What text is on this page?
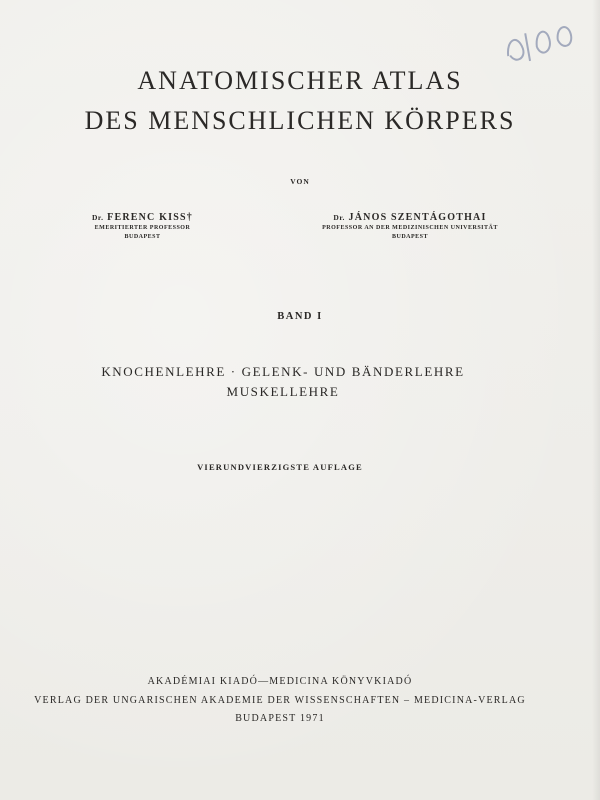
ANATOMISCHER ATLAS
DES MENSCHLICHEN KÖRPERS
VON
Dr. FERENC KISS†
EMERITIERTER PROFESSOR
BUDAPEST
Dr. JÁNOS SZENTÁGOTHAI
PROFESSOR AN DER MEDIZINISCHEN UNIVERSITÄT
BUDAPEST
BAND I
KNOCHENLEHRE · GELENK- UND BÄNDERLEHRE
MUSKELLEHRE
VIERUNDVIERZIGSTE AUFLAGE
AKADÉMIAI KIADÓ—MEDICINA KÖNYVKIADÓ
VERLAG DER UNGARISCHEN AKADEMIE DER WISSENSCHAFTEN – MEDICINA-VERLAG
BUDAPEST 1971
